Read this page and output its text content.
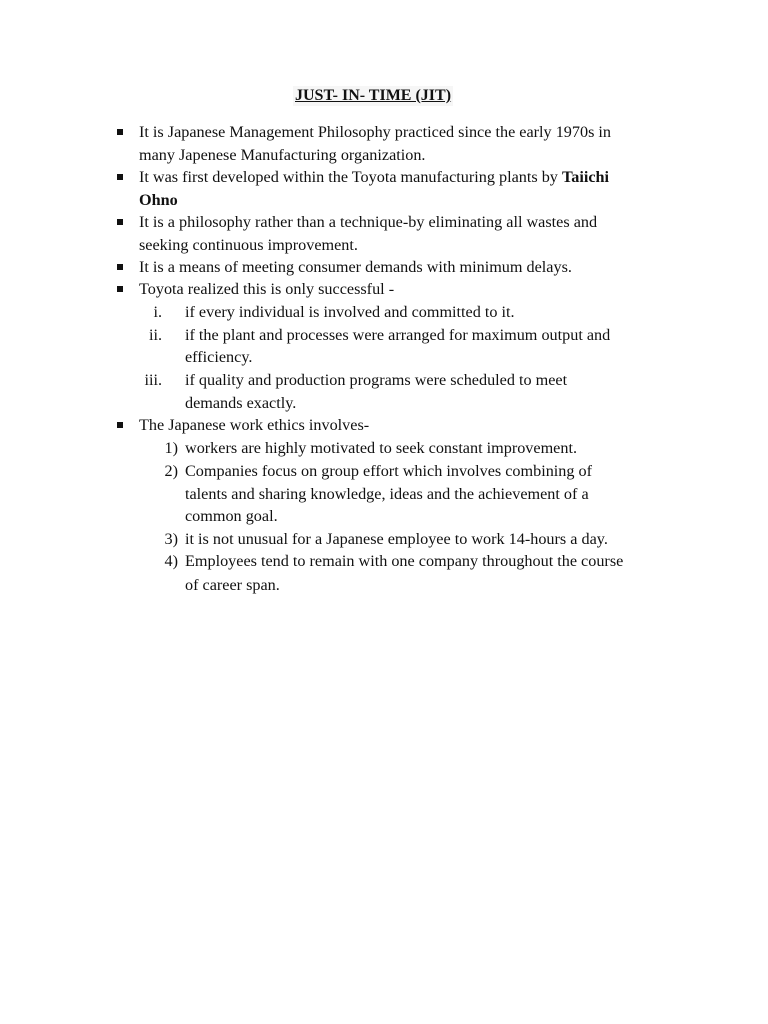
JUST- IN- TIME (JIT)
It is Japanese Management Philosophy practiced since the early 1970s in
many Japenese Manufacturing organization.
It was first developed within the Toyota manufacturing plants by Taiichi
Ohno
It is a philosophy rather than a technique-by eliminating all wastes and
seeking continuous improvement.
It is a means of meeting consumer demands with minimum delays.
Toyota realized this is only successful -
i. if every individual is involved and committed to it.
ii. if the plant and processes were arranged for maximum output and
efficiency.
iii. if quality and production programs were scheduled to meet
demands exactly.
The Japanese work ethics involves-
1) workers are highly motivated to seek constant improvement.
2) Companies focus on group effort which involves combining of
talents and sharing knowledge, ideas and the achievement of a
common goal.
3) it is not unusual for a Japanese employee to work 14-hours a day.
4) Employees tend to remain with one company throughout the course
of career span.
